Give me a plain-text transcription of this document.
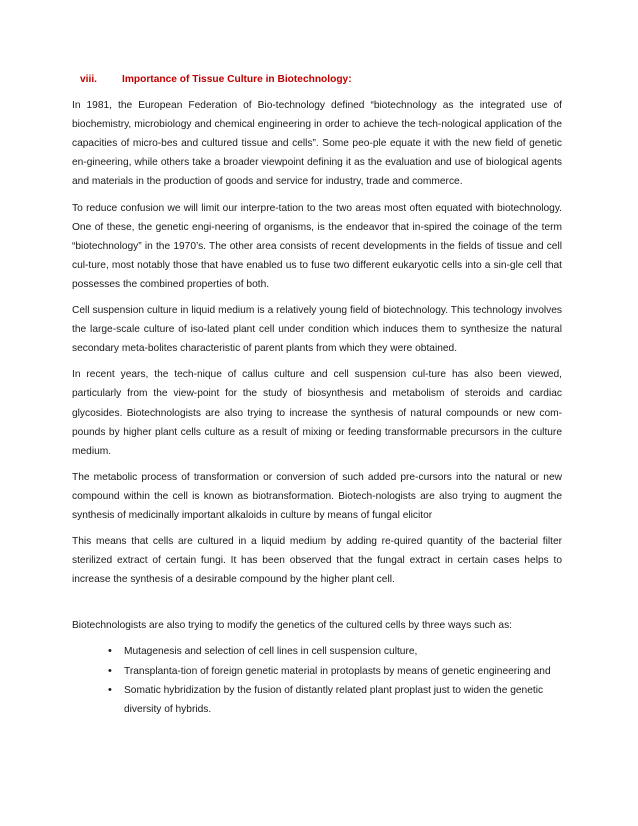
viii. Importance of Tissue Culture in Biotechnology:

In 1981, the European Federation of Bio-technology defined “biotechnology as the integrated use of biochemistry, microbiology and chemical engineering in order to achieve the tech-nological application of the capacities of micro-bes and cultured tissue and cells”. Some peo-ple equate it with the new field of genetic en-gineering, while others take a broader viewpoint defining it as the evaluation and use of biological agents and materials in the production of goods and service for industry, trade and commerce.

To reduce confusion we will limit our interpre-tation to the two areas most often equated with biotechnology. One of these, the genetic engi-neering of organisms, is the endeavor that in-spired the coinage of the term “biotechnology” in the 1970’s. The other area consists of recent developments in the fields of tissue and cell cul-ture, most notably those that have enabled us to fuse two different eukaryotic cells into a sin-gle cell that possesses the combined properties of both.

Cell suspension culture in liquid medium is a relatively young field of biotechnology. This technology involves the large-scale culture of iso-lated plant cell under condition which induces them to synthesize the natural secondary meta-bolites characteristic of parent plants from which they were obtained.

In recent years, the tech-nique of callus culture and cell suspension cul-ture has also been viewed, particularly from the view-point for the study of biosynthesis and metabolism of steroids and cardiac glycosides. Biotechnologists are also trying to increase the synthesis of natural compounds or new com-pounds by higher plant cells culture as a result of mixing or feeding transformable precursors in the culture medium.

The metabolic process of transformation or conversion of such added pre-cursors into the natural or new compound within the cell is known as biotransformation. Biotech-nologists are also trying to augment the synthesis of medicinally important alkaloids in culture by means of fungal elicitor

This means that cells are cultured in a liquid medium by adding re-quired quantity of the bacterial filter sterilized extract of certain fungi. It has been observed that the fungal extract in certain cases helps to increase the synthesis of a desirable compound by the higher plant cell.

Biotechnologists are also trying to modify the genetics of the cultured cells by three ways such as:

• Mutagenesis and selection of cell lines in cell suspension culture,
• Transplanta-tion of foreign genetic material in protoplasts by means of genetic engineering and
• Somatic hybridization by the fusion of distantly related plant proplast just to widen the genetic diversity of hybrids.
